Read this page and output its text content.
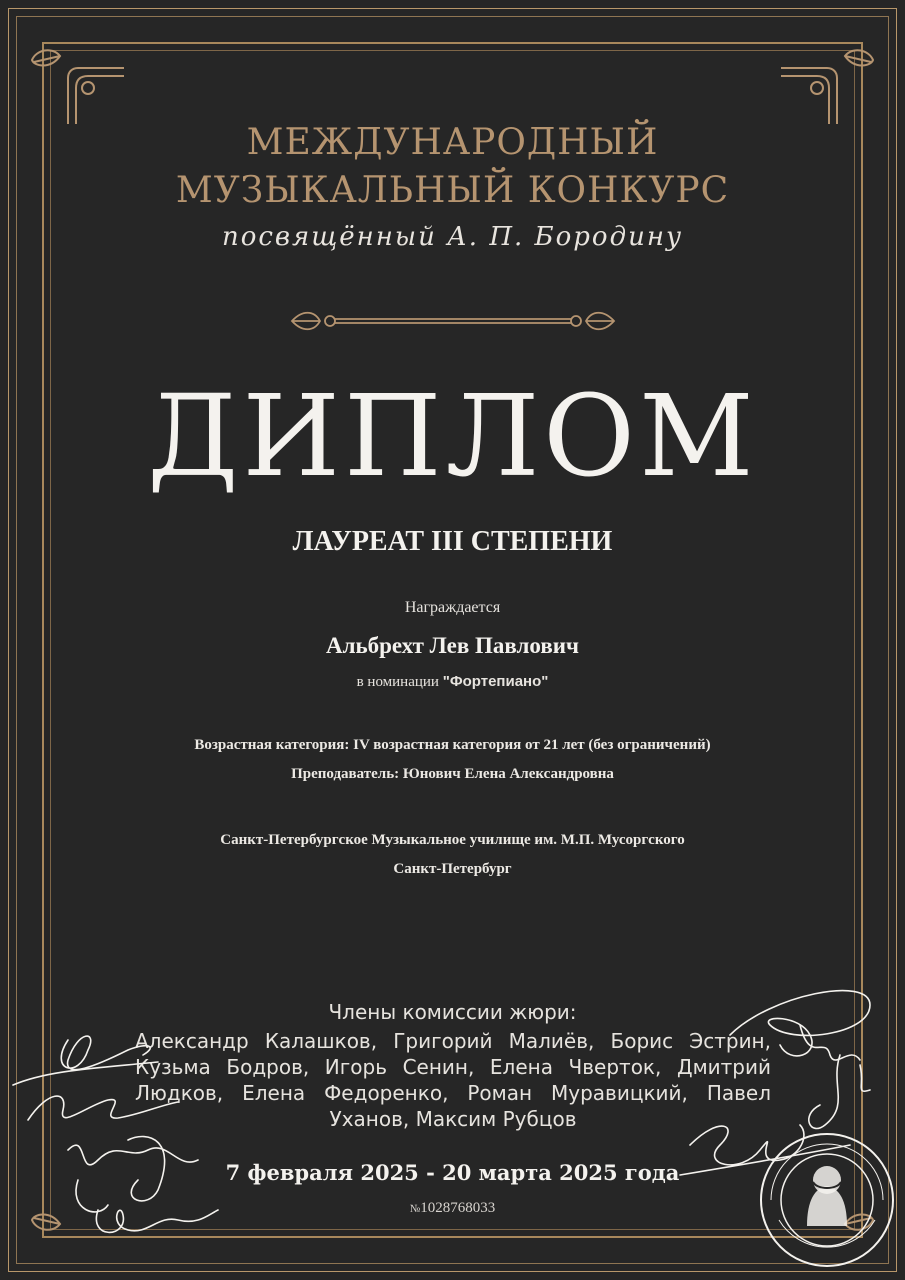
МЕЖДУНАРОДНЫЙ
МУЗЫКАЛЬНЫЙ КОНКУРС
посвящённый А. П. Бородину
ДИПЛОМ
ЛАУРЕАТ III СТЕПЕНИ
Награждается
Альбрехт Лев Павлович
в номинации "Фортепиано"
Возрастная категория: IV возрастная категория от 21 лет (без ограничений)
Преподаватель: Юнович Елена Александровна
Санкт-Петербургское Музыкальное училище им. М.П. Мусоргского
Санкт-Петербург
Члены комиссии жюри:
Александр Калашков, Григорий Малиёв, Борис Эстрин, Кузьма Бодров, Игорь Сенин, Елена Чверток, Дмитрий Людков, Елена Федоренко, Роман Муравицкий, Павел Уханов, Максим Рубцов
7 февраля 2025 - 20 марта 2025 года
№1028768033
